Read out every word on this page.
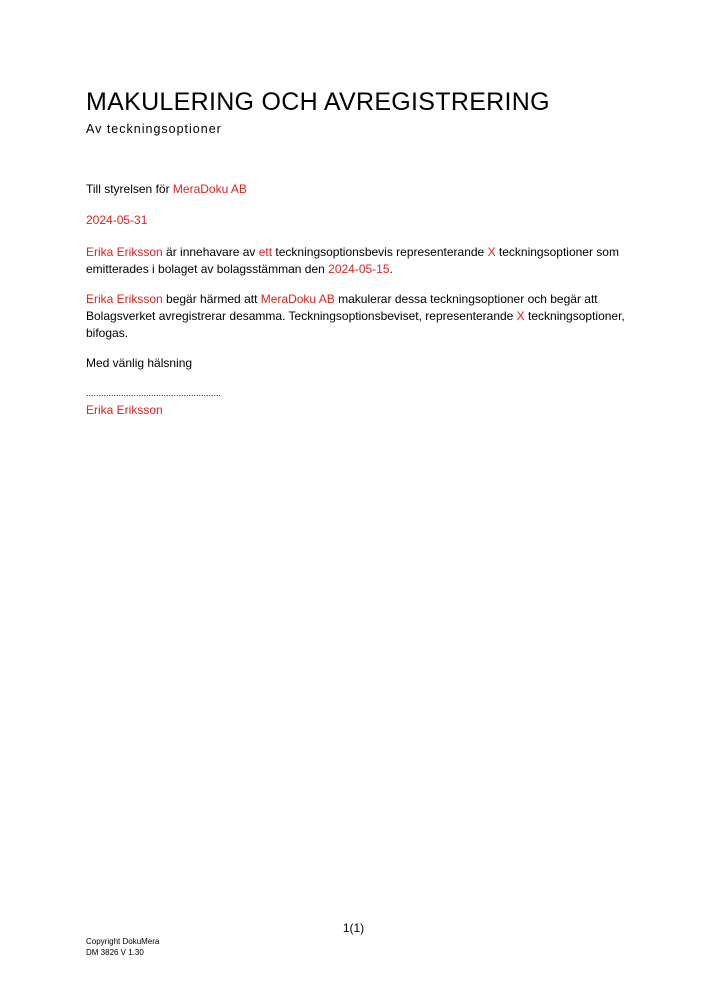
MAKULERING OCH AVREGISTRERING

Av teckningsoptioner

Till styrelsen för MeraDoku AB

2024-05-31

Erika Eriksson är innehavare av ett teckningsoptionsbevis representerande X teckningsoptioner som emitterades i bolaget av bolagsstämman den 2024-05-15.

Erika Eriksson begär härmed att MeraDoku AB makulerar dessa teckningsoptioner och begär att Bolagsverket avregistrerar desamma. Teckningsoptionsbeviset, representerande X teckningsoptioner, bifogas.

Med vänlig hälsning

......................................................

Erika Eriksson

1(1)
Copyright DokuMera
DM 3826 V 1.30
